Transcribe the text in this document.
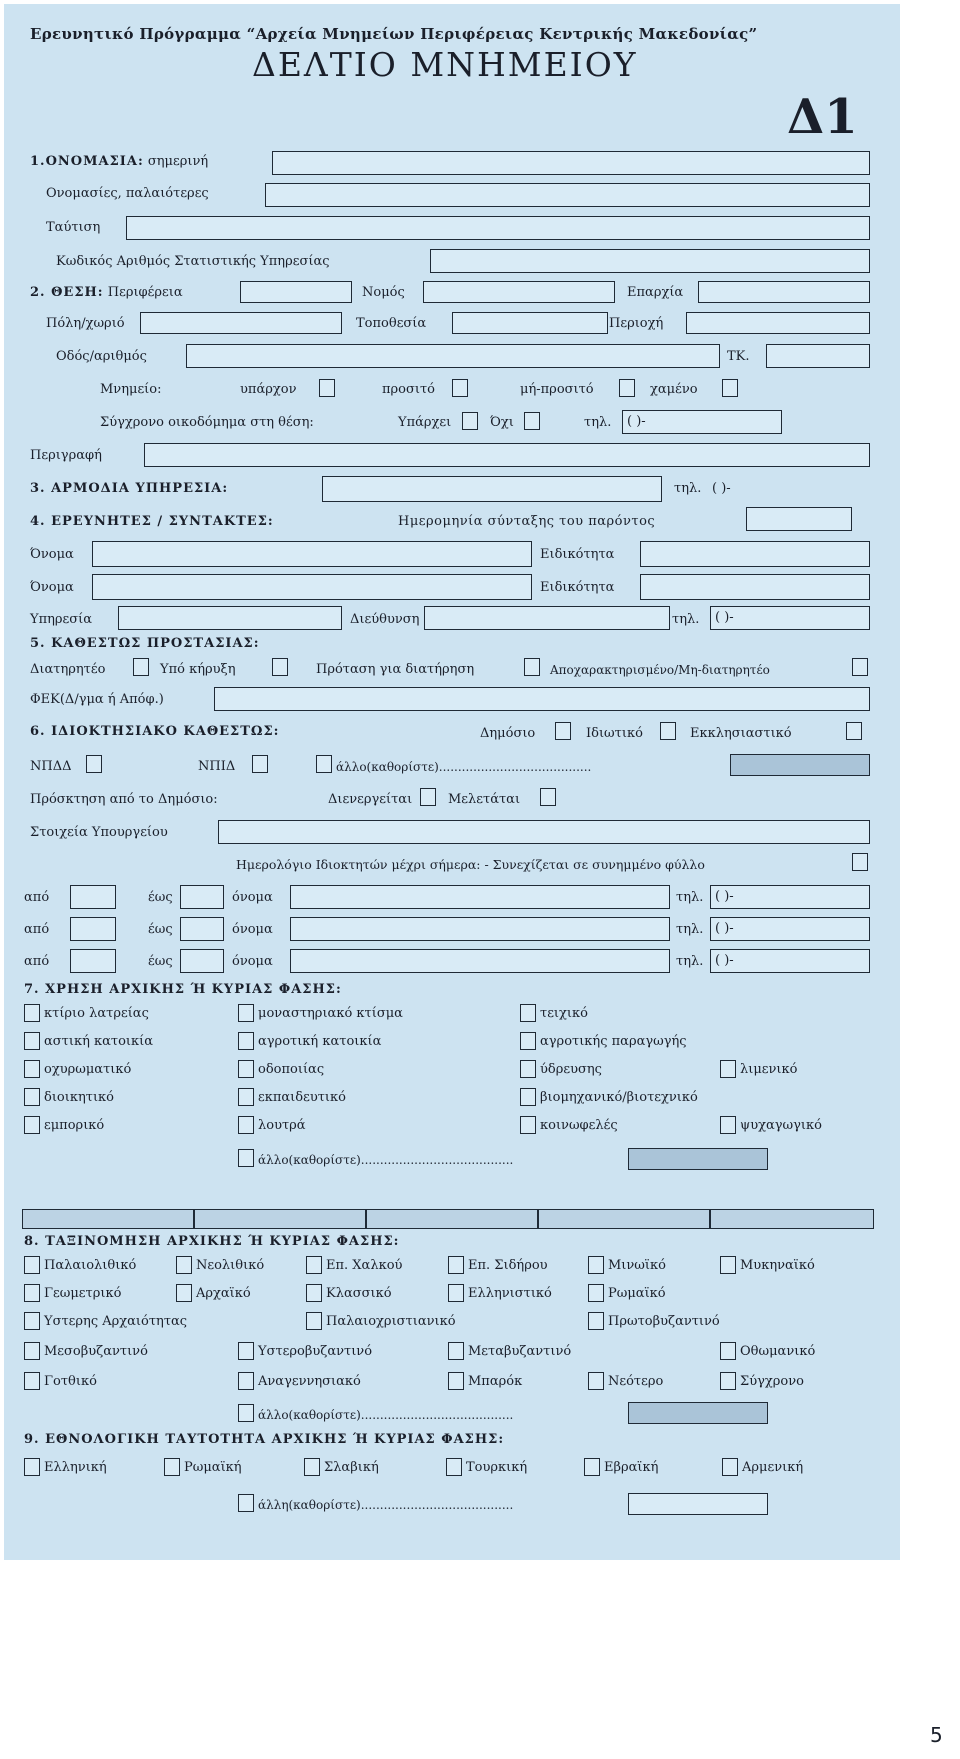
Ερευνητικό Πρόγραμμα “Αρχεία Μνημείων Περιφέρειας Κεντρικής Μακεδονίας”
ΔΕΛΤΙΟ ΜΝΗΜΕΙΟΥ
Δ1
1.ΟΝΟΜΑΣΙΑ: σημερινή
Ονομασίες, παλαιότερες
Ταύτιση
Κωδικός Αριθμός Στατιστικής Υπηρεσίας
2. ΘΕΣΗ: Περιφέρεια	Νομός	Επαρχία
Πόλη/χωριό	Τοποθεσία	Περιοχή
Οδός/αριθμός	ΤΚ.
Μνημείο:	υπάρχον	προσιτό	μή-προσιτό	χαμένο
Σύγχρονο οικοδόμημα στη θέση:	Υπάρχει	Όχι	τηλ. ( )-
Περιγραφή
3. ΑΡΜΟΔΙΑ ΥΠΗΡΕΣΙΑ:	τηλ. ( )-
4. ΕΡΕΥΝΗΤΕΣ / ΣΥΝΤΑΚΤΕΣ:	Ημερομηνία σύνταξης του παρόντος
Όνομα	Ειδικότητα
Όνομα	Ειδικότητα
Υπηρεσία	Διεύθυνση	τηλ. ( )-
5. ΚΑΘΕΣΤΩΣ ΠΡΟΣΤΑΣΙΑΣ:
Διατηρητέο	Υπό κήρυξη	Πρόταση για διατήρηση	Αποχαρακτηρισμένο/Μη-διατηρητέο
ΦΕΚ(Δ/γμα ή Απόφ.)
6. ΙΔΙΟΚΤΗΣΙΑΚΟ ΚΑΘΕΣΤΩΣ:	Δημόσιο	Ιδιωτικό	Εκκλησιαστικό
ΝΠΔΔ	ΝΠΙΔ	άλλο(καθορίστε)........................................
Πρόσκτηση από το Δημόσιο:	Διενεργείται	Μελετάται
Στοιχεία Υπουργείου
Ημερολόγιο Ιδιοκτητών μέχρι σήμερα: - Συνεχίζεται σε συνημμένο φύλλο
από	έως	όνομα	τηλ. ( )-
από	έως	όνομα	τηλ. ( )-
από	έως	όνομα	τηλ. ( )-
7. ΧΡΗΣΗ ΑΡΧΙΚΗΣ Ή ΚΥΡΙΑΣ ΦΑΣΗΣ:
κτίριο λατρείας	μοναστηριακό κτίσμα	τειχικό
αστική κατοικία	αγροτική κατοικία	αγροτικής παραγωγής
οχυρωματικό	οδοποιίας	ύδρευσης	λιμενικό
διοικητικό	εκπαιδευτικό	βιομηχανικό/βιοτεχνικό
εμπορικό	λουτρά	κοινωφελές	ψυχαγωγικό
άλλο(καθορίστε)........................................
8. ΤΑΞΙΝΟΜΗΣΗ ΑΡΧΙΚΗΣ Ή ΚΥΡΙΑΣ ΦΑΣΗΣ:
Παλαιολιθικό	Νεολιθικό	Επ. Χαλκού	Επ. Σιδήρου	Μινωϊκό	Μυκηναϊκό
Γεωμετρικό	Αρχαϊκό	Κλασσικό	Ελληνιστικό	Ρωμαϊκό
Υστερης Αρχαιότητας	Παλαιοχριστιανικό	Πρωτοβυζαντινό
Μεσοβυζαντινό	Υστεροβυζαντινό	Μεταβυζαντινό	Οθωμανικό
Γοτθικό	Αναγεννησιακό	Μπαρόκ	Νεότερο	Σύγχρονο
άλλο(καθορίστε)........................................
9. ΕΘΝΟΛΟΓΙΚΗ ΤΑΥΤΟΤΗΤΑ ΑΡΧΙΚΗΣ Ή ΚΥΡΙΑΣ ΦΑΣΗΣ:
Ελληνική	Ρωμαϊκή	Σλαβική	Τουρκική	Εβραϊκή	Αρμενική
άλλη(καθορίστε)........................................
5
